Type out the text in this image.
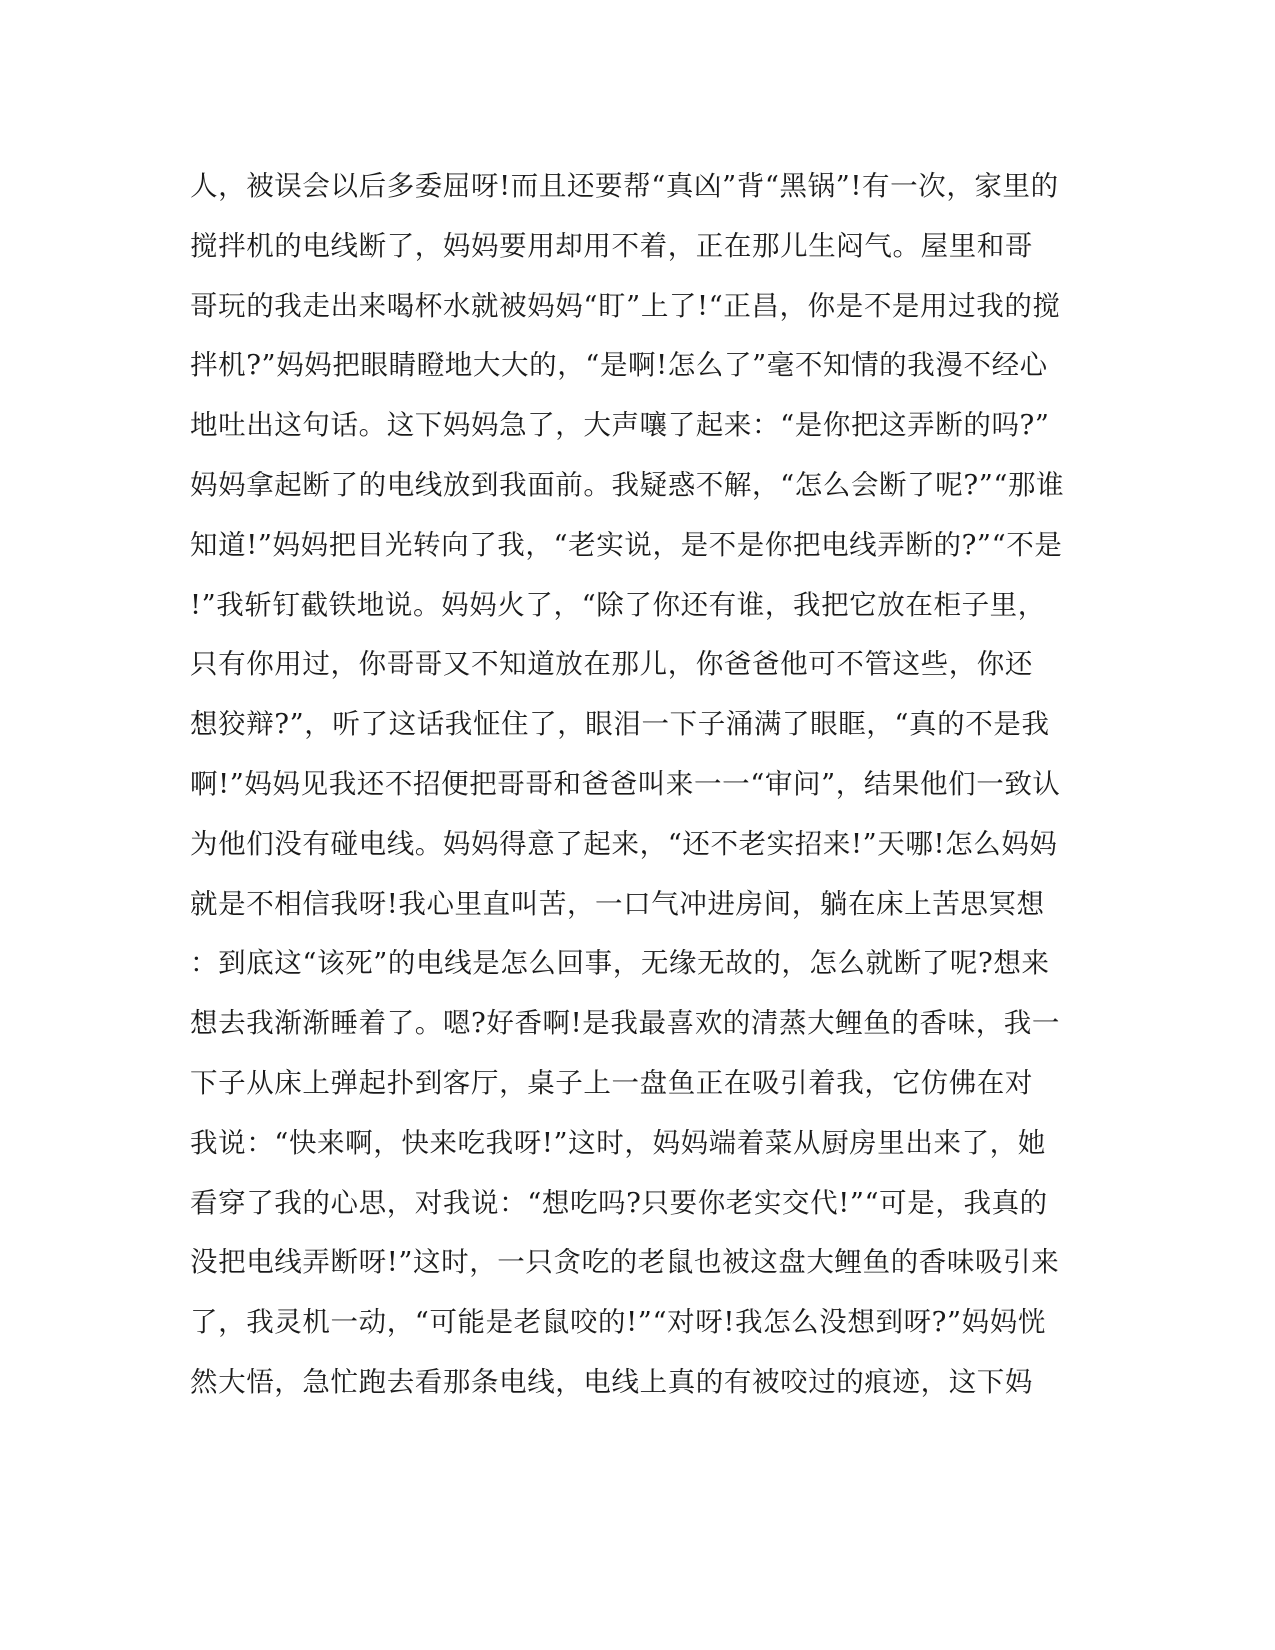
人，被误会以后多委屈呀!而且还要帮“真凶”背“黑锅”!有一次，家里的
搅拌机的电线断了，妈妈要用却用不着，正在那儿生闷气。屋里和哥
哥玩的我走出来喝杯水就被妈妈“盯”上了!“正昌，你是不是用过我的搅
拌机?”妈妈把眼睛瞪地大大的，“是啊!怎么了”毫不知情的我漫不经心
地吐出这句话。这下妈妈急了，大声嚷了起来：“是你把这弄断的吗?”
妈妈拿起断了的电线放到我面前。我疑惑不解，“怎么会断了呢?”“那谁
知道!”妈妈把目光转向了我，“老实说，是不是你把电线弄断的?”“不是
!”我斩钉截铁地说。妈妈火了，“除了你还有谁，我把它放在柜子里，
只有你用过，你哥哥又不知道放在那儿，你爸爸他可不管这些，你还
想狡辩?”，听了这话我怔住了，眼泪一下子涌满了眼眶，“真的不是我
啊!”妈妈见我还不招便把哥哥和爸爸叫来一一“审问”，结果他们一致认
为他们没有碰电线。妈妈得意了起来，“还不老实招来!”天哪!怎么妈妈
就是不相信我呀!我心里直叫苦，一口气冲进房间，躺在床上苦思冥想
：到底这“该死”的电线是怎么回事，无缘无故的，怎么就断了呢?想来
想去我渐渐睡着了。嗯?好香啊!是我最喜欢的清蒸大鲤鱼的香味，我一
下子从床上弹起扑到客厅，桌子上一盘鱼正在吸引着我，它仿佛在对
我说：“快来啊，快来吃我呀!”这时，妈妈端着菜从厨房里出来了，她
看穿了我的心思，对我说：“想吃吗?只要你老实交代!”“可是，我真的
没把电线弄断呀!”这时，一只贪吃的老鼠也被这盘大鲤鱼的香味吸引来
了，我灵机一动，“可能是老鼠咬的!”“对呀!我怎么没想到呀?”妈妈恍
然大悟，急忙跑去看那条电线，电线上真的有被咬过的痕迹，这下妈
